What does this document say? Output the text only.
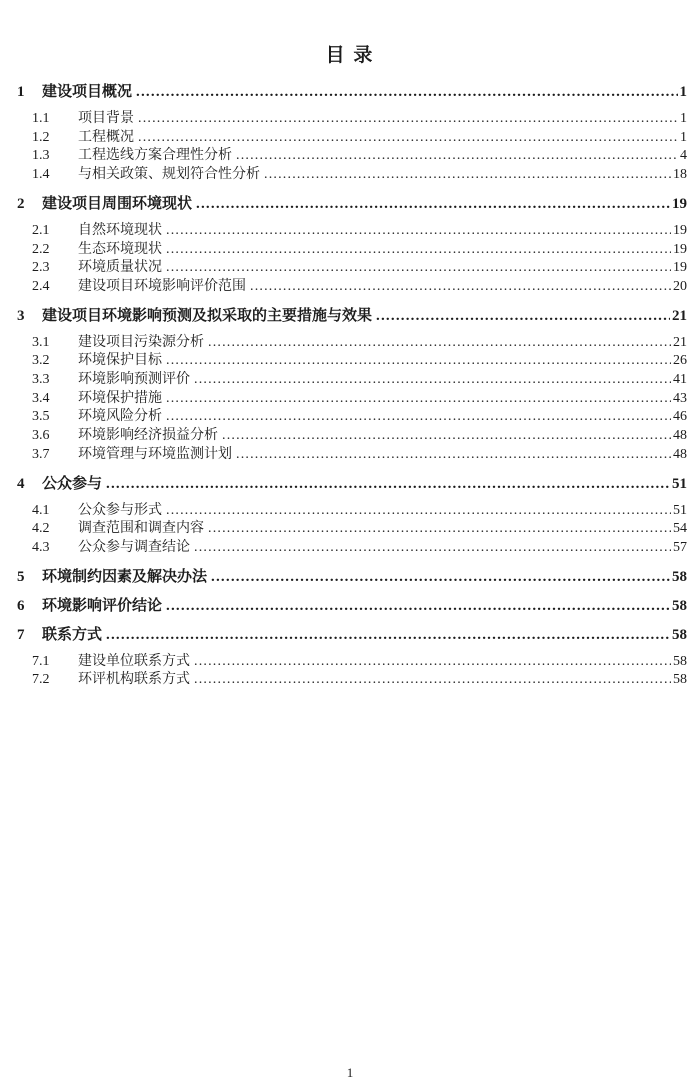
目 录
1	建设项目概况 .....	1
1.1	项目背景 .....	1
1.2	工程概况 .....	1
1.3	工程选线方案合理性分析 .....	4
1.4	与相关政策、规划符合性分析 .....	18
2	建设项目周围环境现状 .....	19
2.1	自然环境现状 .....	19
2.2	生态环境现状 .....	19
2.3	环境质量状况 .....	19
2.4	建设项目环境影响评价范围 .....	20
3	建设项目环境影响预测及拟采取的主要措施与效果 .....	21
3.1	建设项目污染源分析 .....	21
3.2	环境保护目标 .....	26
3.3	环境影响预测评价 .....	41
3.4	环境保护措施 .....	43
3.5	环境风险分析 .....	46
3.6	环境影响经济损益分析 .....	48
3.7	环境管理与环境监测计划 .....	48
4	公众参与 .....	51
4.1	公众参与形式 .....	51
4.2	调查范围和调查内容 .....	54
4.3	公众参与调查结论 .....	57
5	环境制约因素及解决办法 .....	58
6	环境影响评价结论 .....	58
7	联系方式 .....	58
7.1	建设单位联系方式 .....	58
7.2	环评机构联系方式 .....	58
1
